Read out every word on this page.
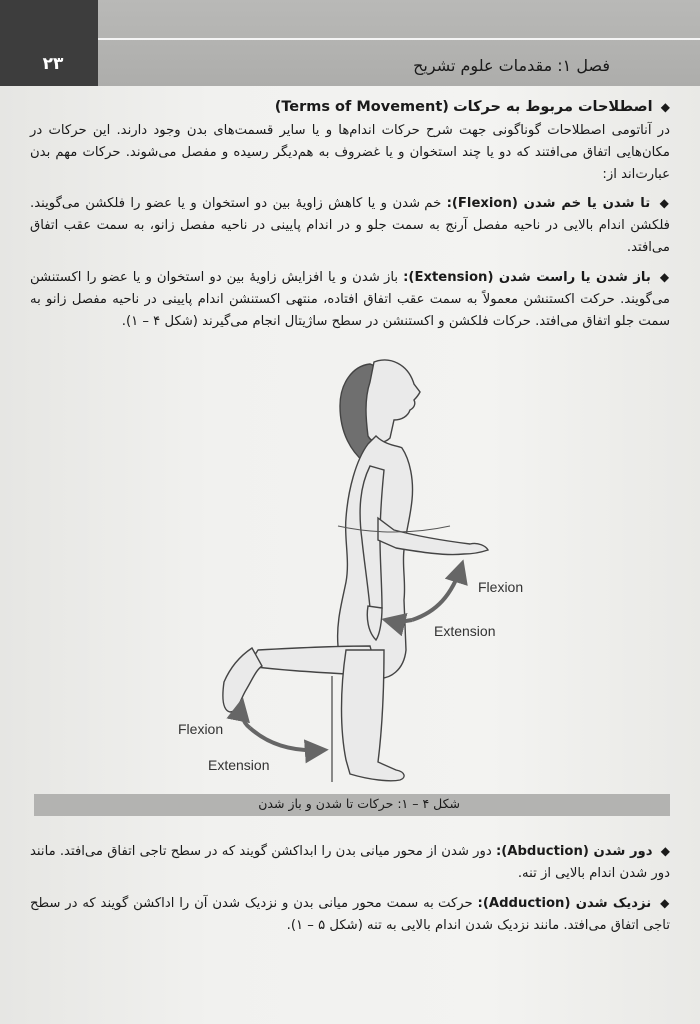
۲۳	فصل ۱: مقدمات علوم تشریح
◆ اصطلاحات مربوط به حرکات (Terms of Movement)
در آناتومی اصطلاحات گوناگونی جهت شرح حرکات اندام‌ها و یا سایر قسمت‌های بدن وجود دارند. این حرکات در مکان‌هایی اتفاق می‌افتند که دو یا چند استخوان و یا غضروف به هم‌دیگر رسیده و مفصل می‌شوند. حرکات مهم بدن عبارت‌اند از:
◆ تا شدن یا خم شدن (Flexion): خم شدن و یا کاهش زاویهٔ بین دو استخوان و یا عضو را فلکشن می‌گویند. فلکشن اندام بالایی در ناحیه مفصل آرنج به سمت جلو و در اندام پایینی در ناحیه مفصل زانو، به سمت عقب اتفاق می‌افتد.
◆ باز شدن یا راست شدن (Extension): باز شدن و یا افزایش زاویهٔ بین دو استخوان و یا عضو را اکستنشن می‌گویند. حرکت اکستنشن معمولاً به سمت عقب اتفاق افتاده، منتهی اکستنشن اندام پایینی در ناحیه مفصل زانو به سمت جلو اتفاق می‌افتد. حرکات فلکشن و اکستنشن در سطح ساژیتال انجام می‌گیرند (شکل ۴ – ۱).
Flexion
Extension
Flexion
Extension
شکل ۴ – ۱: حرکات تا شدن و باز شدن
◆ دور شدن (Abduction): دور شدن از محور میانی بدن را ابداکشن گویند که در سطح تاجی اتفاق می‌افتد. مانند دور شدن اندام بالایی از تنه.
◆ نزدیک شدن (Adduction): حرکت به سمت محور میانی بدن و نزدیک شدن آن را اداکشن گویند که در سطح تاجی اتفاق می‌افتد. مانند نزدیک شدن اندام بالایی به تنه (شکل ۵ – ۱).
